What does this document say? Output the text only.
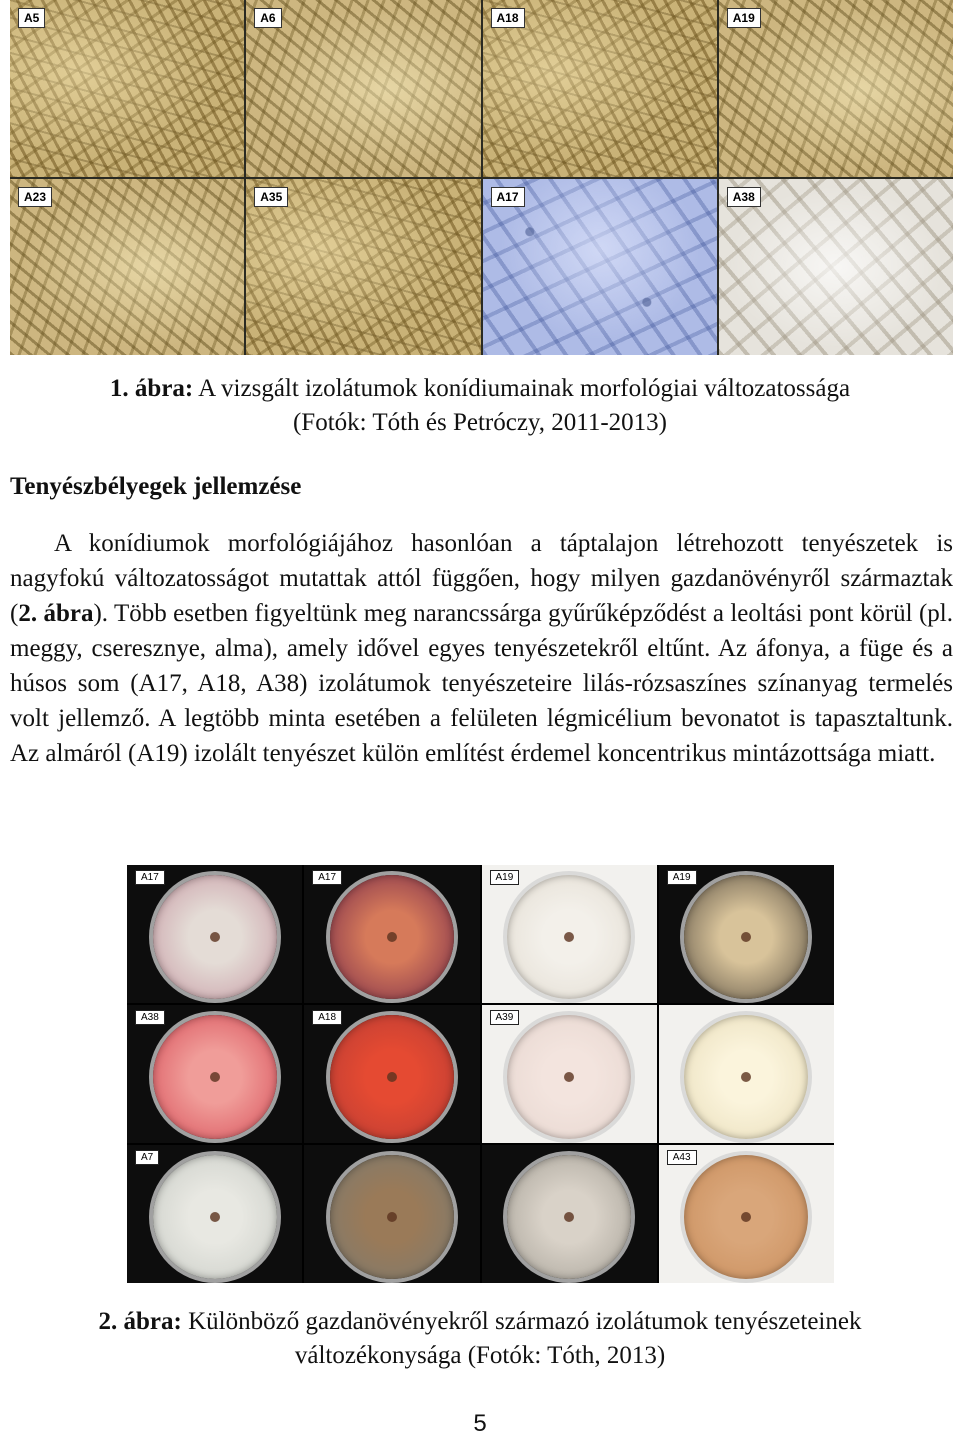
A5	A6	A18	A19
A23	A35	A17	A38
1. ábra: A vizsgált izolátumok konídiumainak morfológiai változatossága
(Fotók: Tóth és Petróczy, 2011-2013)
Tenyészbélyegek jellemzése

A konídiumok morfológiájához hasonlóan a táptalajon létrehozott tenyészetek is nagyfokú változatosságot mutattak attól függően, hogy milyen gazdanövényről származtak (2. ábra). Több esetben figyeltünk meg narancssárga gyűrűképződést a leoltási pont körül (pl. meggy, cseresznye, alma), amely idővel egyes tenyészetekről eltűnt. Az áfonya, a füge és a húsos som (A17, A18, A38) izolátumok tenyészeteire lilás-rózsaszínes színanyag termelés volt jellemző. A legtöbb minta esetében a felületen légmicélium bevonatot is tapasztaltunk. Az almáról (A19) izolált tenyészet külön említést érdemel koncentrikus mintázottsága miatt.

A17	A17	A19	A19
A38	A18	A39
A7	A43
2. ábra: Különböző gazdanövényekről származó izolátumok tenyészeteinek
változékonysága (Fotók: Tóth, 2013)
5
